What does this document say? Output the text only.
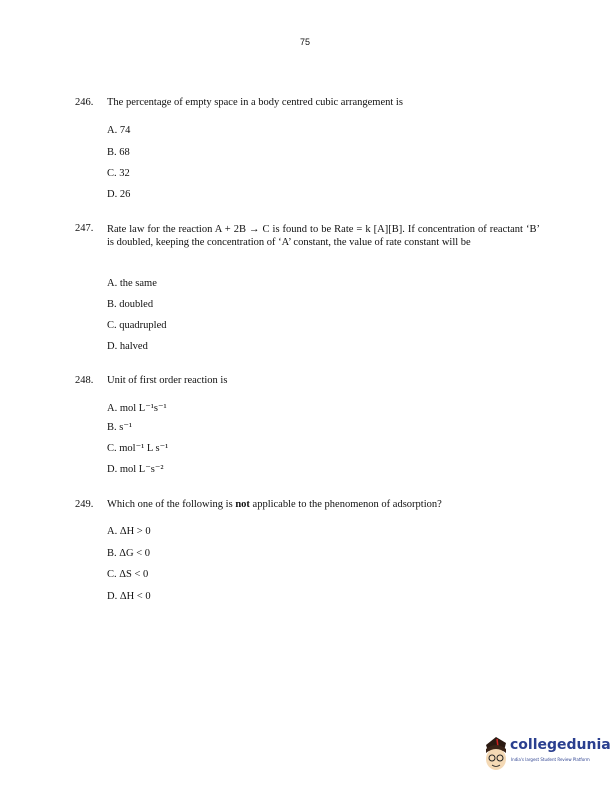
75
246. The percentage of empty space in a body centred cubic arrangement is
A. 74
B. 68
C. 32
D. 26
247. Rate law for the reaction A + 2B → C is found to be Rate = k [A][B]. If concentration of reactant ‘B’ is doubled, keeping the concentration of ‘A’ constant, the value of rate constant will be
A. the same
B. doubled
C. quadrupled
D. halved
248. Unit of first order reaction is
A. mol L⁻¹s⁻¹
B. s⁻¹
C. mol⁻¹ L s⁻¹
D. mol L⁻s⁻²
249. Which one of the following is not applicable to the phenomenon of adsorption?
A. ΔH > 0
B. ΔG < 0
C. ΔS < 0
D. ΔH < 0
collegedunia
India's largest Student Review Platform
